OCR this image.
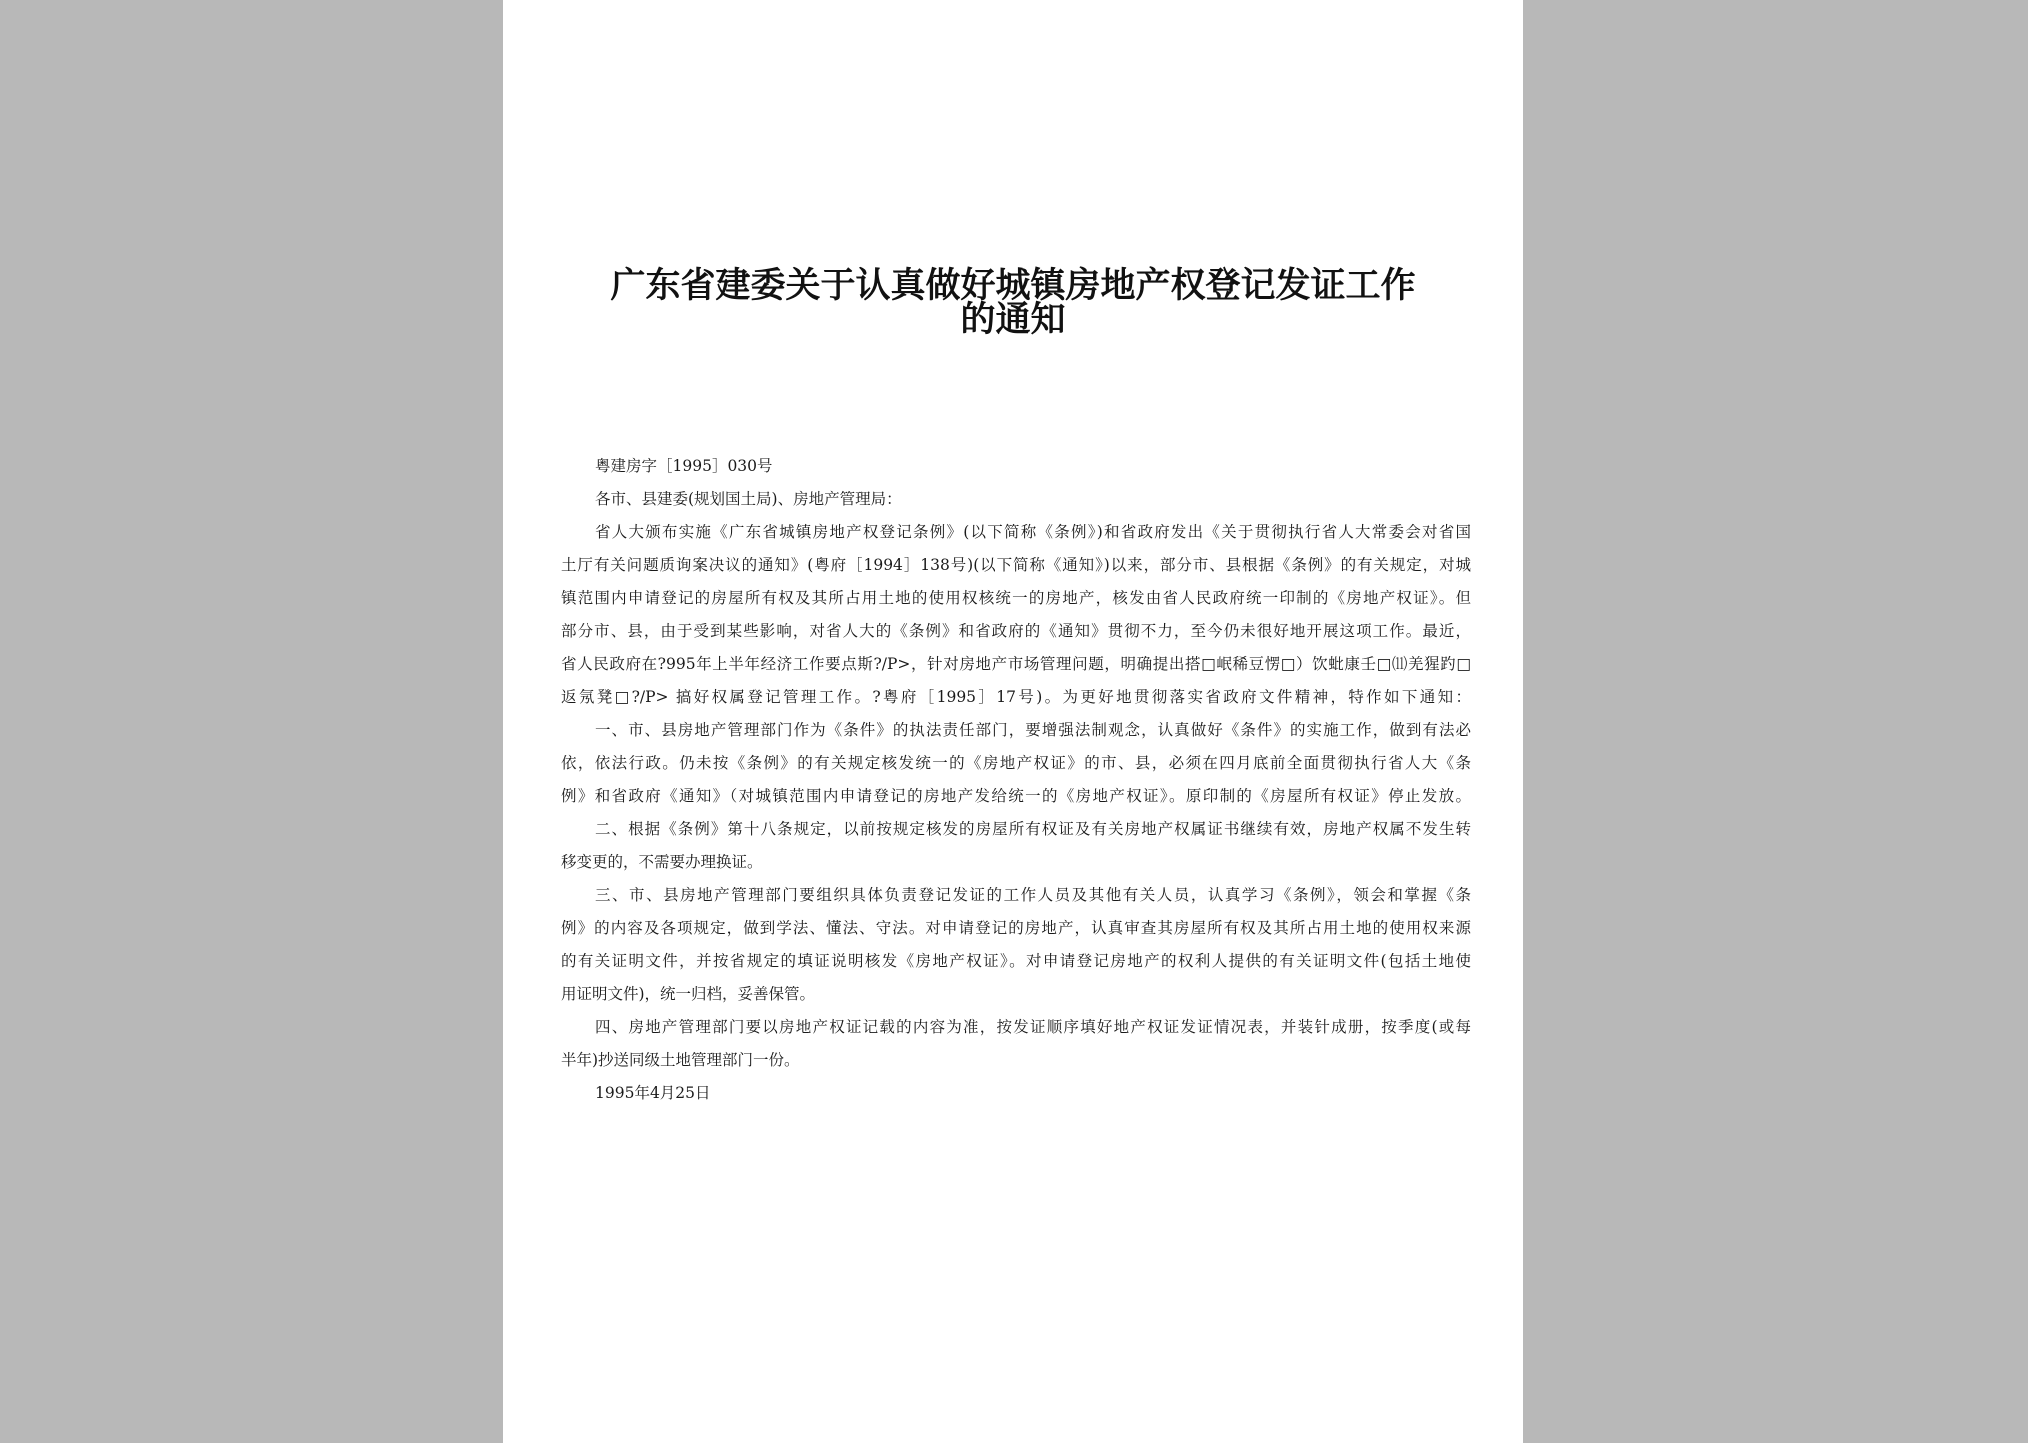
广东省建委关于认真做好城镇房地产权登记发证工作
的通知
粤建房字［1995］030号
各市、县建委(规划国土局)、房地产管理局：
省人大颁布实施《广东省城镇房地产权登记条例》(以下简称《条例》)和省政府发出《关于贯彻执行省人大常委会对省国
土厅有关问题质询案决议的通知》(粤府［1994］138号)(以下简称《通知》)以来，部分市、县根据《条例》的有关规定，对城
镇范围内申请登记的房屋所有权及其所占用土地的使用权核统一的房地产，核发由省人民政府统一印制的《房地产权证》。但
部分市、县，由于受到某些影响，对省人大的《条例》和省政府的《通知》贯彻不力，至今仍未很好地开展这项工作。最近，
省人民政府在?995年上半年经济工作要点斯?/P>，针对房地产市场管理问题，明确提出搭□岷稀豆愣□）饮蚍康壬□⑾羌猩趵□
返氖凳□?/P> 搞好权属登记管理工作。?粤府［1995］17号)。为更好地贯彻落实省政府文件精神，特作如下通知：
一、市、县房地产管理部门作为《条件》的执法责任部门，要增强法制观念，认真做好《条件》的实施工作，做到有法必
依，依法行政。仍未按《条例》的有关规定核发统一的《房地产权证》的市、县，必须在四月底前全面贯彻执行省人大《条
例》和省政府《通知》（对城镇范围内申请登记的房地产发给统一的《房地产权证》。原印制的《房屋所有权证》停止发放。
二、根据《条例》第十八条规定，以前按规定核发的房屋所有权证及有关房地产权属证书继续有效，房地产权属不发生转
移变更的，不需要办理换证。
三、市、县房地产管理部门要组织具体负责登记发证的工作人员及其他有关人员，认真学习《条例》，领会和掌握《条
例》的内容及各项规定，做到学法、懂法、守法。对申请登记的房地产，认真审查其房屋所有权及其所占用土地的使用权来源
的有关证明文件，并按省规定的填证说明核发《房地产权证》。对申请登记房地产的权利人提供的有关证明文件(包括土地使
用证明文件)，统一归档，妥善保管。
四、房地产管理部门要以房地产权证记载的内容为准，按发证顺序填好地产权证发证情况表，并装针成册，按季度(或每
半年)抄送同级土地管理部门一份。
1995年4月25日
